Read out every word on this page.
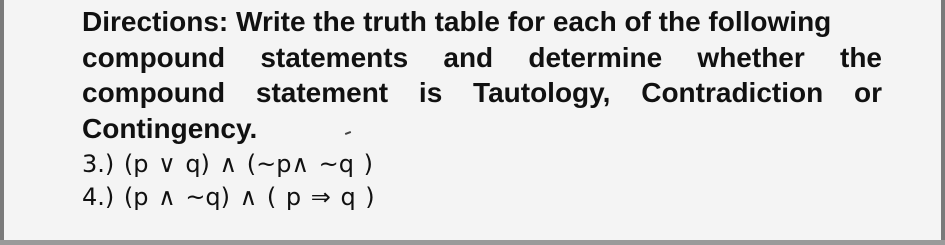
Directions: Write the truth table for each of the following
compound statements and determine whether the
compound statement is Tautology, Contradiction or
Contingency.
3.) (p ∨ q) ∧ (~p∧ ~q )
4.) (p ∧ ~q) ∧ ( p ⇒ q )
